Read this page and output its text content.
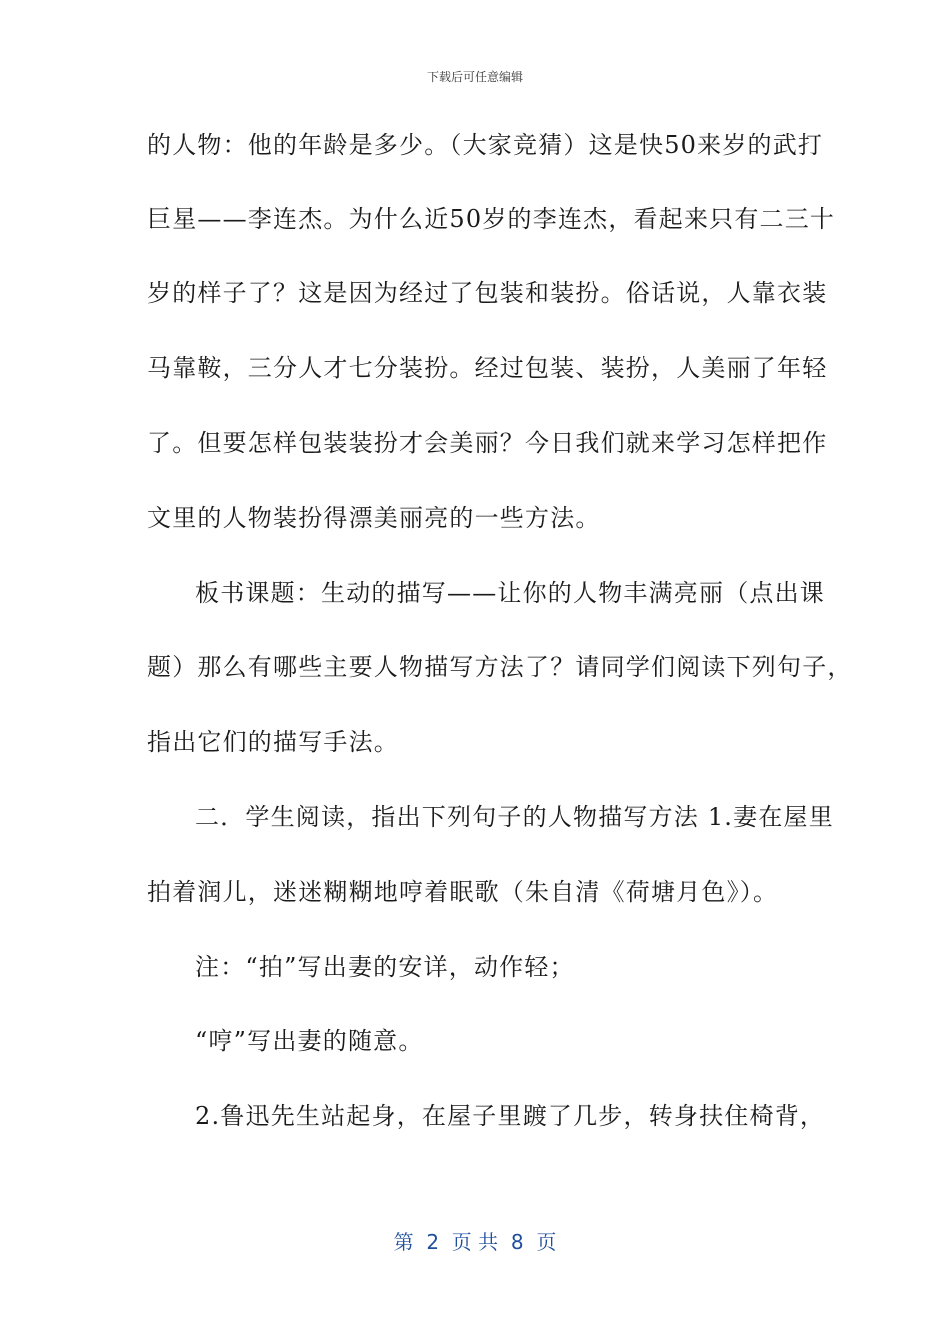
下载后可任意编辑
的人物：他的年龄是多少。（大家竞猜）这是快50来岁的武打
巨星——李连杰。为什么近50岁的李连杰，看起来只有二三十
岁的样子了？这是因为经过了包装和装扮。俗话说，人靠衣装
马靠鞍，三分人才七分装扮。经过包装、装扮，人美丽了年轻
了。但要怎样包装装扮才会美丽？今日我们就来学习怎样把作
文里的人物装扮得漂美丽亮的一些方法。
板书课题：生动的描写——让你的人物丰满亮丽（点出课
题）那么有哪些主要人物描写方法了？请同学们阅读下列句子，
指出它们的描写手法。
二．学生阅读，指出下列句子的人物描写方法 1.妻在屋里
拍着润儿，迷迷糊糊地哼着眠歌（朱自清《荷塘月色》）。
注：“拍”写出妻的安详，动作轻；
“哼”写出妻的随意。
2.鲁迅先生站起身，在屋子里踱了几步，转身扶住椅背，
第  2  页 共  8  页
